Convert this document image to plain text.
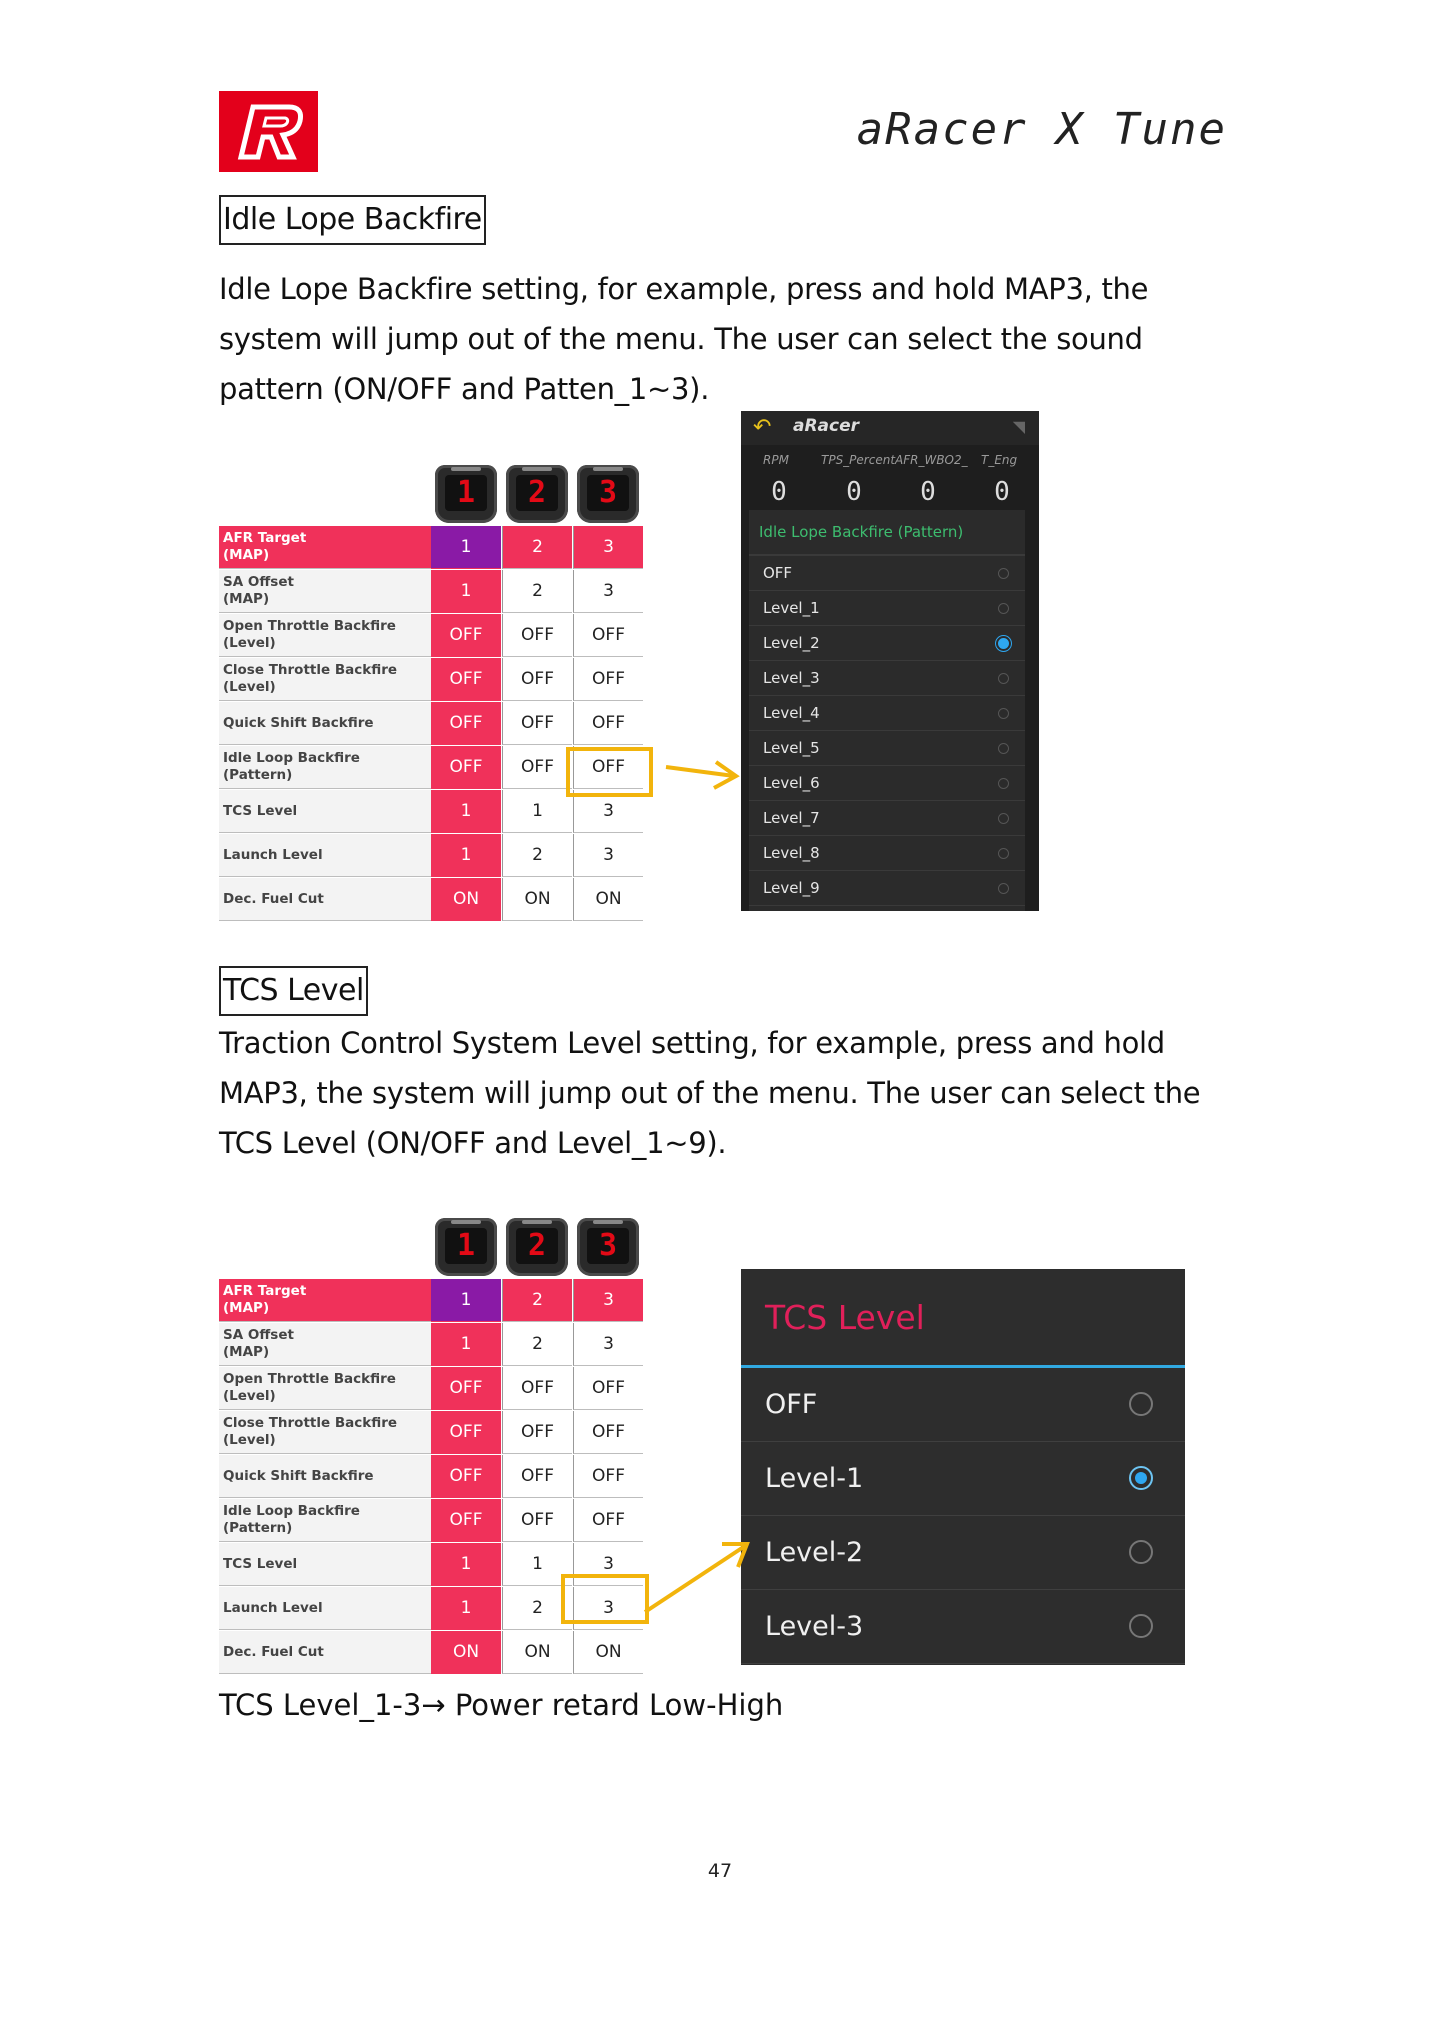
aRacer X Tune
Idle Lope Backfire
Idle Lope Backfire setting, for example, press and hold MAP3, the system will jump out of the menu. The user can select the sound pattern (ON/OFF and Patten_1~3).
1	2	3
AFR Target
(MAP)	1	2	3
SA Offset
(MAP)	1	2	3
Open Throttle Backfire
(Level)	OFF	OFF	OFF
Close Throttle Backfire
(Level)	OFF	OFF	OFF
Quick Shift Backfire	OFF	OFF	OFF
Idle Loop Backfire
(Pattern)	OFF	OFF	OFF
TCS Level	1	1	3
Launch Level	1	2	3
Dec. Fuel Cut	ON	ON	ON
↶ aRacer	◥
RPM	TPS_Percent AFR_WBO2_ T_Eng
0	0	0	0
Idle Lope Backfire (Pattern)
OFF
Level_1
Level_2
Level_3
Level_4
Level_5
Level_6
Level_7
Level_8
Level_9
TCS Level
Traction Control System Level setting, for example, press and hold MAP3, the system will jump out of the menu. The user can select the TCS Level (ON/OFF and Level_1~9).
1	2	3
AFR Target
(MAP)	1	2	3
SA Offset
(MAP)	1	2	3
Open Throttle Backfire
(Level)	OFF	OFF	OFF
Close Throttle Backfire
(Level)	OFF	OFF	OFF
Quick Shift Backfire	OFF	OFF	OFF
Idle Loop Backfire
(Pattern)	OFF	OFF	OFF
TCS Level	1	1	3
Launch Level	1	2	3
Dec. Fuel Cut	ON	ON	ON
TCS Level
OFF
Level-1
Level-2
Level-3
TCS Level_1-3→ Power retard Low-High
47
